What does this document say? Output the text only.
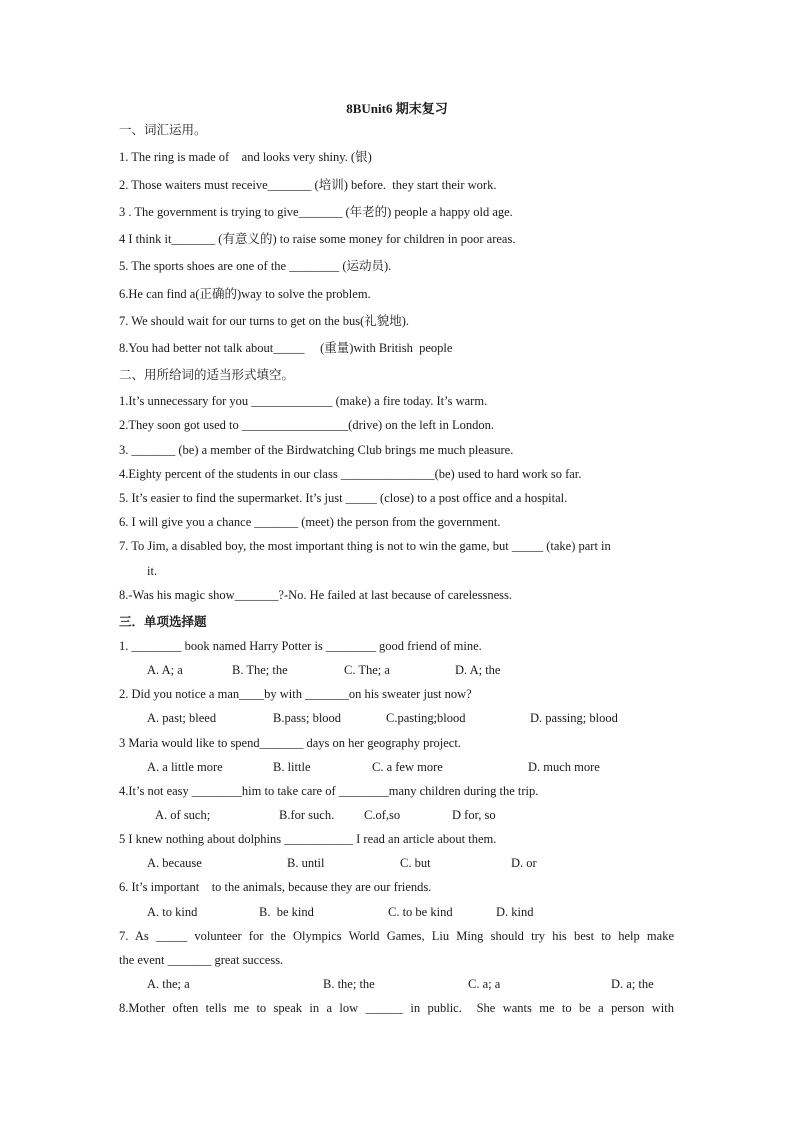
8BUnit6 期末复习
一、词汇运用。
1. The ring is made of    and looks very shiny. (银)
2. Those waiters must receive_______ (培训) before.  they start their work.
3 . The government is trying to give_______ (年老的) people a happy old age.
4 I think it_______ (有意义的) to raise some money for children in poor areas.
5. The sports shoes are one of the ________ (运动员).
6.He can find a(正确的)way to solve the problem.
7. We should wait for our turns to get on the bus(礼貌地).
8.You had better not talk about_____     (重量)with British  people
二、用所给词的适当形式填空。
1.It’s unnecessary for you _____________ (make) a fire today. It’s warm.
2.They soon got used to _________________(drive) on the left in London.
3. _______ (be) a member of the Birdwatching Club brings me much pleasure.
4.Eighty percent of the students in our class _______________(be) used to hard work so far.
5. It’s easier to find the supermarket. It’s just _____ (close) to a post office and a hospital.
6. I will give you a chance _______ (meet) the person from the government.
7. To Jim, a disabled boy, the most important thing is not to win the game, but _____ (take) part in
it.
8.-Was his magic show_______?-No. He failed at last because of carelessness.
三．单项选择题
1. ________ book named Harry Potter is ________ good friend of mine.
A. A; a	B. The; the	C. The; a	D. A; the
2. Did you notice a man____by with _______on his sweater just now?
A. past; bleed	B.pass; blood	C.pasting;blood	D. passing; blood
3 Maria would like to spend_______ days on her geography project.
A. a little more	B. little	C. a few more	D. much more
4.It’s not easy ________him to take care of ________many children during the trip.
A. of such;	B.for such. C.of,so	D for, so
5 I knew nothing about dolphins ___________ I read an article about them.
A. because	B. until	C. but	D. or
6. It’s important    to the animals, because they are our friends.
A. to kind	B.  be kind	C. to be kind	D. kind
7. As _____ volunteer for the Olympics World Games, Liu Ming should try his best to help make
the event _______ great success.
A. the; a	B. the; the	C. a; a	D. a; the
8.Mother often tells me to speak in a low ______ in public.  She wants me to be a person with
